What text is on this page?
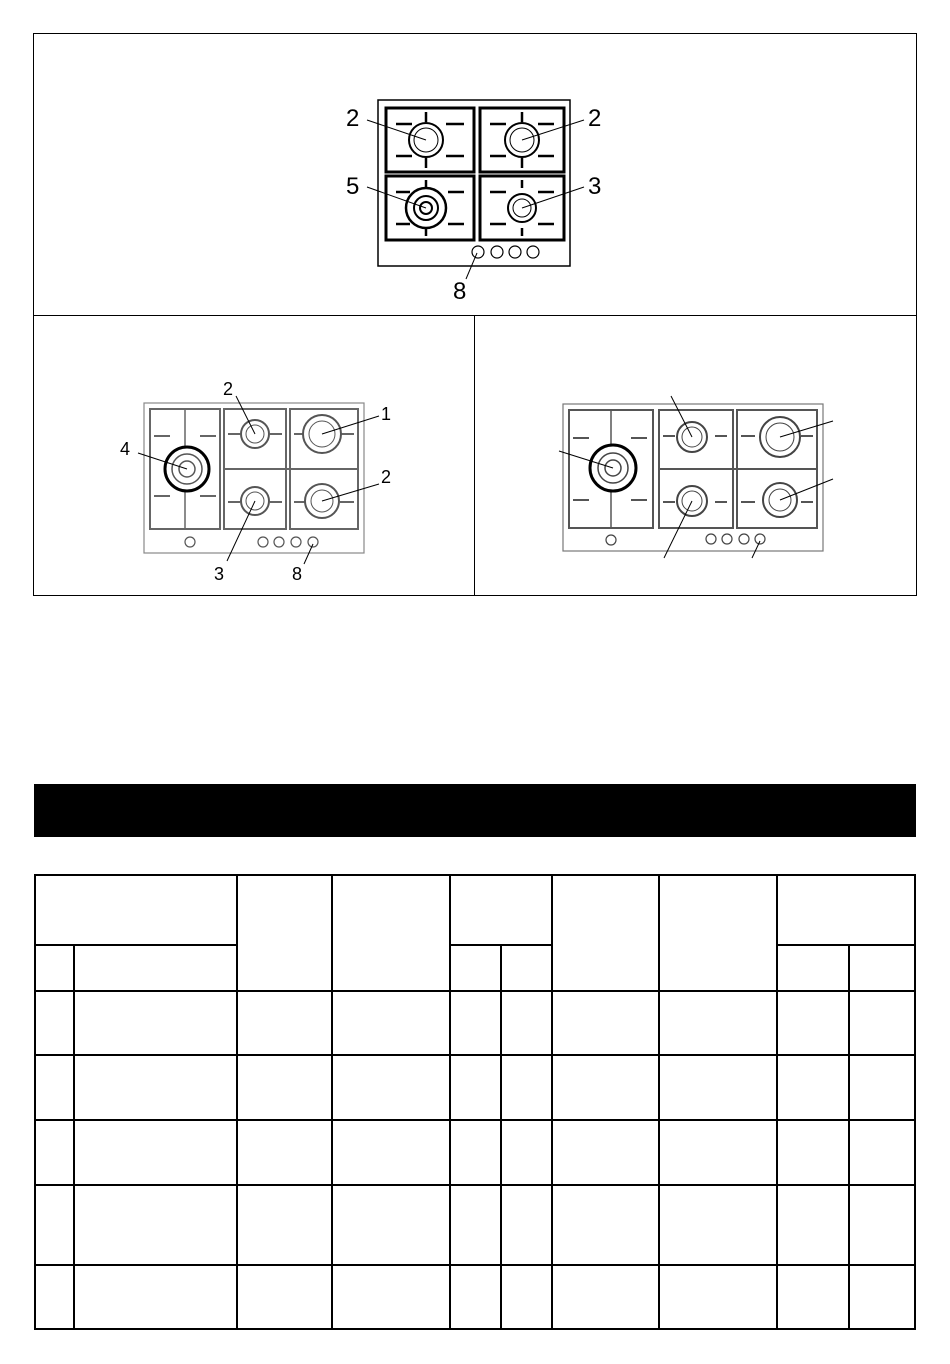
2	2
5	3
8
2
1
4
2
3	8
